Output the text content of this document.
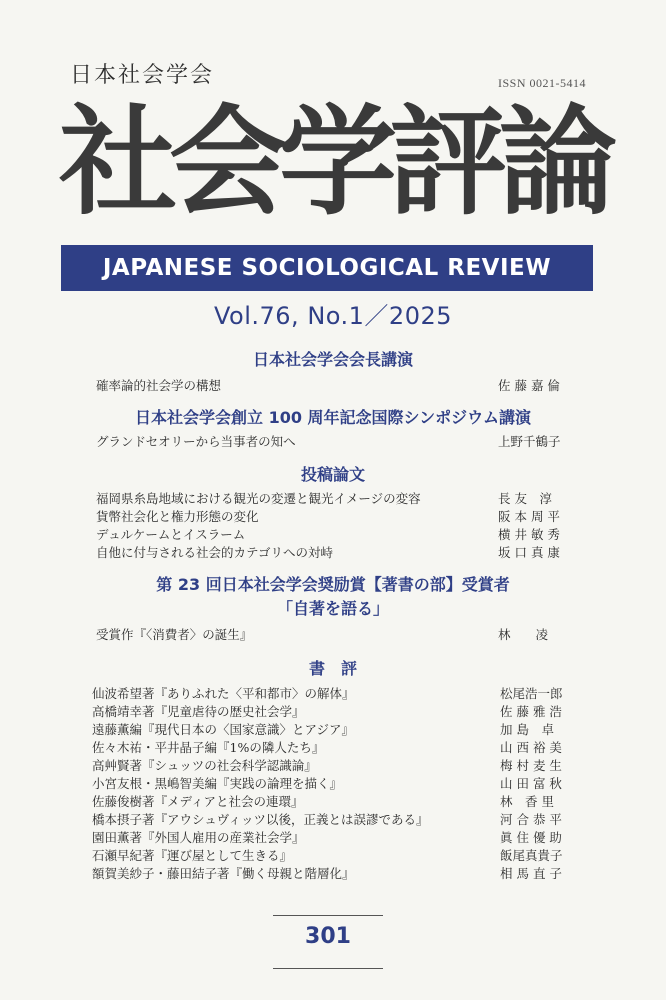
日本社会学会	ISSN 0021-5414
社会学評論
JAPANESE SOCIOLOGICAL REVIEW
Vol.76, No.1／2025
日本社会学会会長講演
確率論的社会学の構想	佐 藤 嘉 倫
日本社会学会創立 100 周年記念国際シンポジウム講演
グランドセオリーから当事者の知へ	上野千鶴子
投稿論文
福岡県糸島地域における観光の変遷と観光イメージの変容	長 友　淳
貨幣社会化と権力形態の変化	阪 本 周 平
デュルケームとイスラーム	横 井 敏 秀
自他に付与される社会的カテゴリへの対峙	坂 口 真 康
第 23 回日本社会学会奨励賞【著書の部】受賞者
「自著を語る」
受賞作『〈消費者〉の誕生』	林　　凌
書　評
仙波希望著『ありふれた〈平和都市〉の解体』	松尾浩一郎
高橋靖幸著『児童虐待の歴史社会学』	佐 藤 雅 浩
遠藤薫編『現代日本の〈国家意識〉とアジア』	加 島　卓
佐々木祐・平井晶子編『1%の隣人たち』	山 西 裕 美
高艸賢著『シュッツの社会科学認識論』	梅 村 麦 生
小宮友根・黒嶋智美編『実践の論理を描く』	山 田 富 秋
佐藤俊樹著『メディアと社会の連環』	林　香 里
橋本摂子著『アウシュヴィッツ以後，正義とは誤謬である』	河 合 恭 平
園田薫著『外国人雇用の産業社会学』	眞 住 優 助
石瀬早紀著『運び屋として生きる』	飯尾真貴子
額賀美紗子・藤田結子著『働く母親と階層化』	相 馬 直 子
301
